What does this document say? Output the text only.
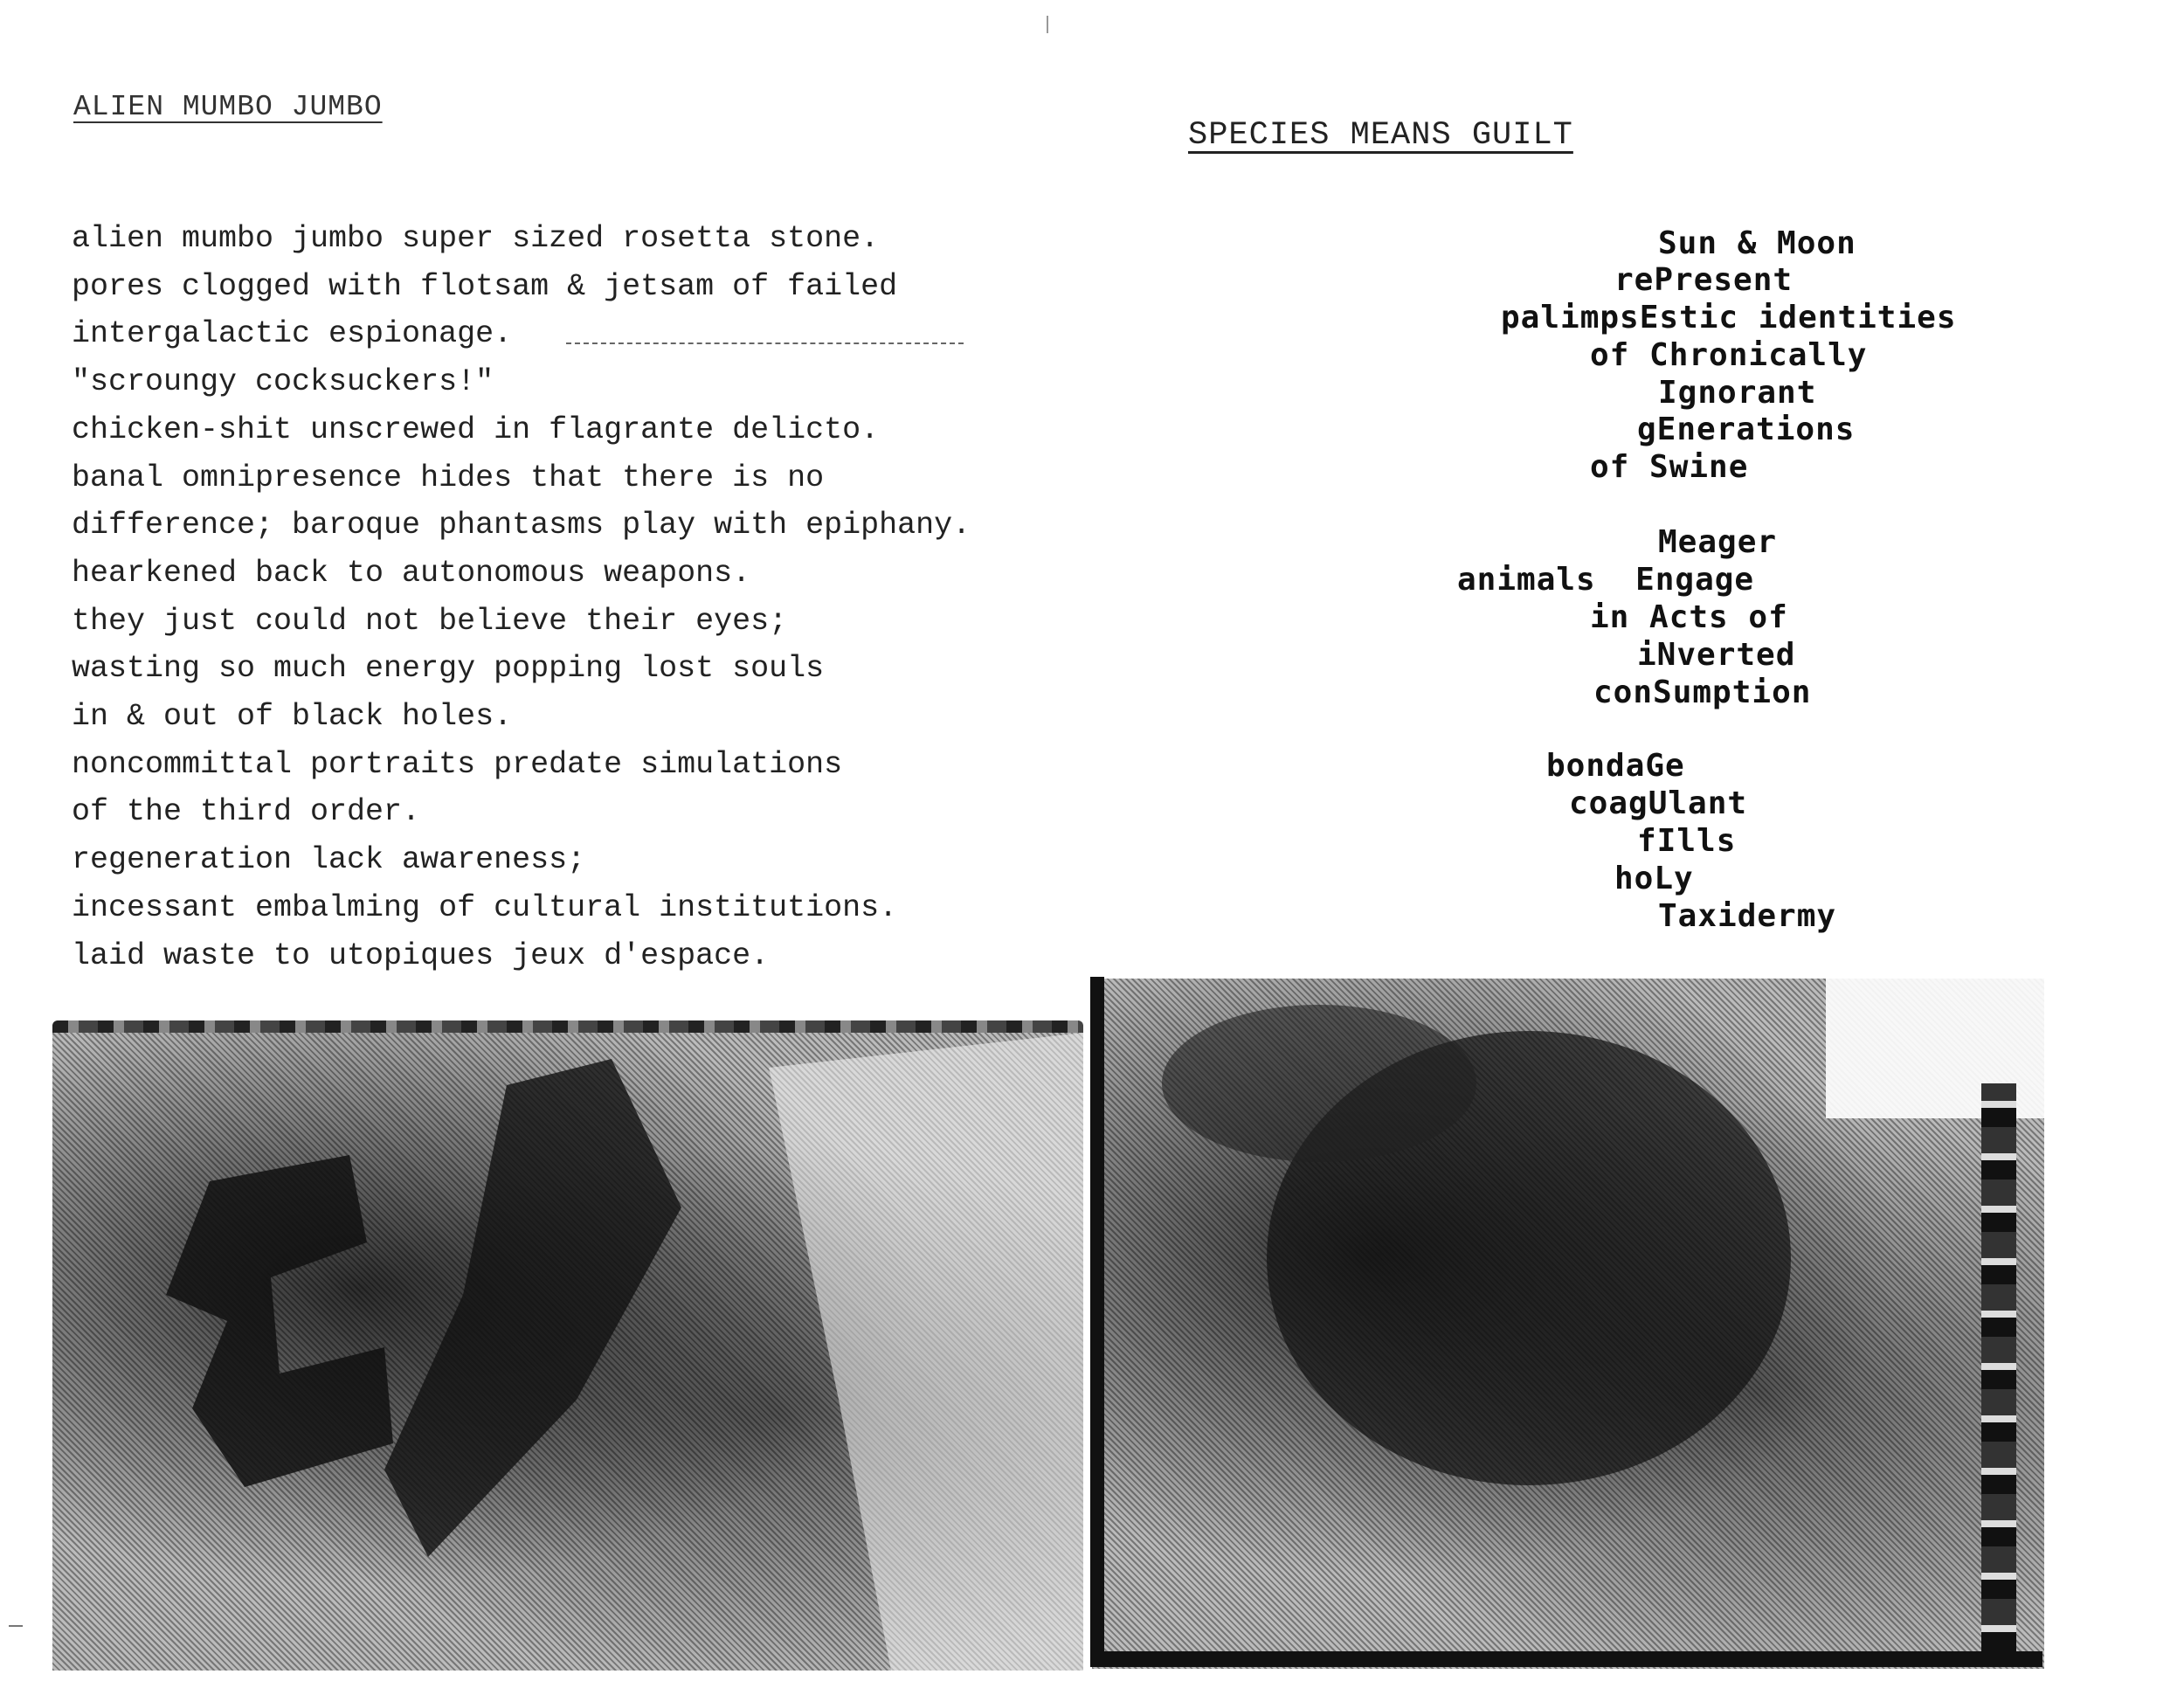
ALIEN MUMBO JUMBO
alien mumbo jumbo super sized rosetta stone.
pores clogged with flotsam & jetsam of failed
intergalactic espionage.
"scroungy cocksuckers!"
chicken-shit unscrewed in flagrante delicto.
banal omnipresence hides that there is no
difference; baroque phantasms play with epiphany.
hearkened back to autonomous weapons.
they just could not believe their eyes;
wasting so much energy popping lost souls
in & out of black holes.
noncommittal portraits predate simulations
of the third order.
regeneration lack awareness;
incessant embalming of cultural institutions.
laid waste to utopiques jeux d'espace.
SPECIES MEANS GUILT
Sun & Moon
rePresent
palimpsEstic identities
of Chronically
Ignorant
gEnerations
of Swine
Meager
animals  Engage
in Acts of
iNverted
conSumption
bondaGe
coagUlant
fIlls
hoLy
Taxidermy
